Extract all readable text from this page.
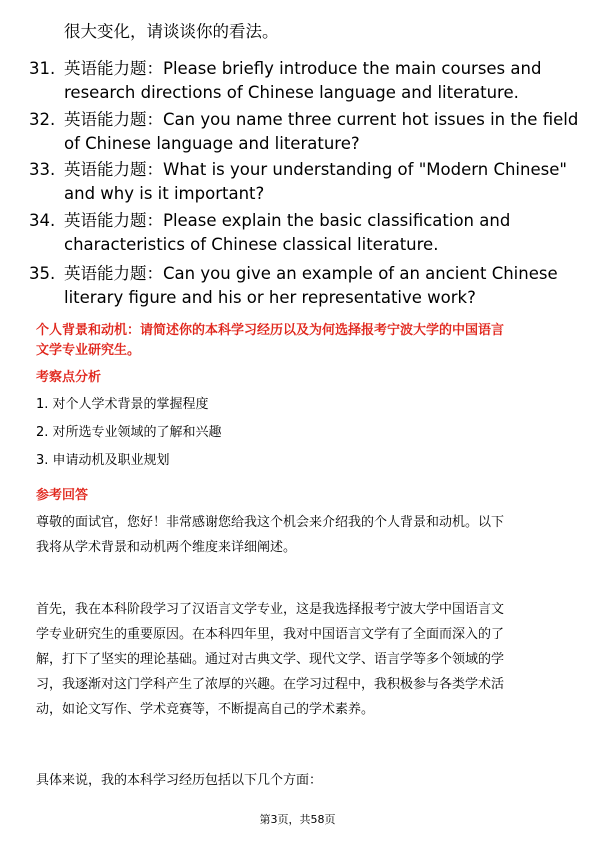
很大变化，请谈谈你的看法。
31. 英语能力题：Please briefly introduce the main courses and
research directions of Chinese language and literature.
32. 英语能力题：Can you name three current hot issues in the field
of Chinese language and literature?
33. 英语能力题：What is your understanding of "Modern Chinese"
and why is it important?
34. 英语能力题：Please explain the basic classification and
characteristics of Chinese classical literature.
35. 英语能力题：Can you give an example of an ancient Chinese
literary figure and his or her representative work?
个人背景和动机：请简述你的本科学习经历以及为何选择报考宁波大学的中国语言
文学专业研究生。
考察点分析
1. 对个人学术背景的掌握程度
2. 对所选专业领域的了解和兴趣
3. 申请动机及职业规划
参考回答
尊敬的面试官，您好！非常感谢您给我这个机会来介绍我的个人背景和动机。以下
我将从学术背景和动机两个维度来详细阐述。
首先，我在本科阶段学习了汉语言文学专业，这是我选择报考宁波大学中国语言文
学专业研究生的重要原因。在本科四年里，我对中国语言文学有了全面而深入的了
解，打下了坚实的理论基础。通过对古典文学、现代文学、语言学等多个领域的学
习，我逐渐对这门学科产生了浓厚的兴趣。在学习过程中，我积极参与各类学术活
动，如论文写作、学术竞赛等，不断提高自己的学术素养。
具体来说，我的本科学习经历包括以下几个方面：
第3页，共58页
